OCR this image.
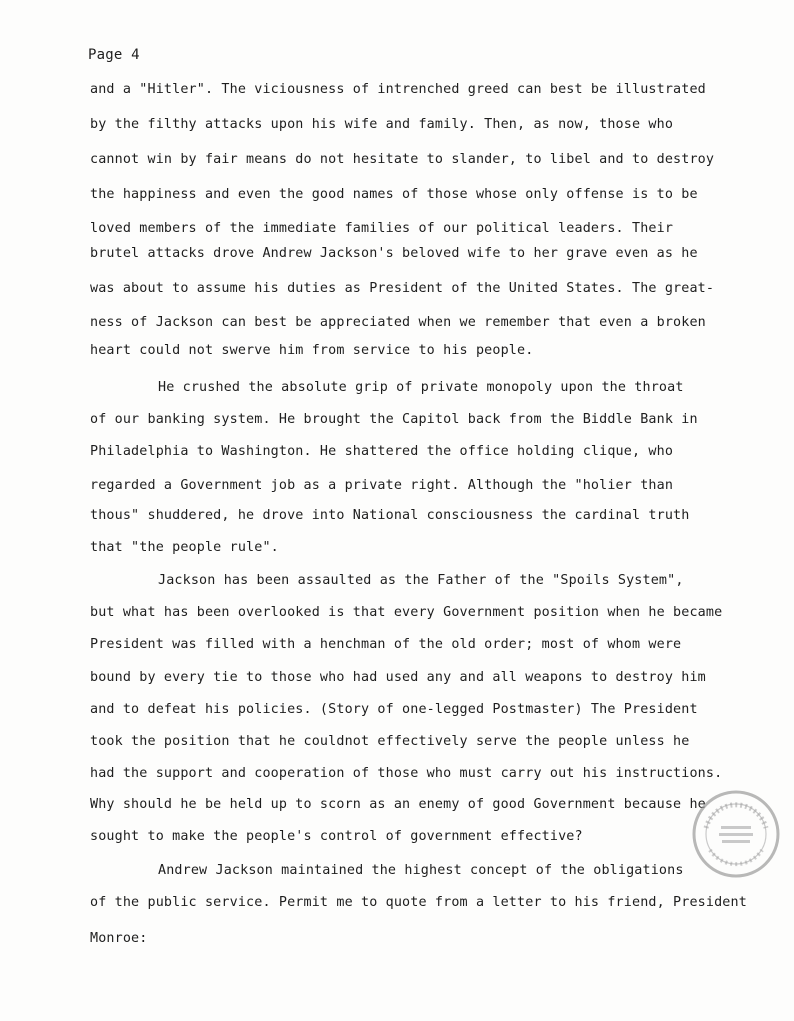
Page 4
and a "Hitler". The viciousness of intrenched greed can best be illustrated
by the filthy attacks upon his wife and family. Then, as now, those who
cannot win by fair means do not hesitate to slander, to libel and to destroy
the happiness and even the good names of those whose only offense is to be
loved members of the immediate families of our political leaders. Their
brutel attacks drove Andrew Jackson's beloved wife to her grave even as he
was about to assume his duties as President of the United States. The great-
ness of Jackson can best be appreciated when we remember that even a broken
heart could not swerve him from service to his people.
He crushed the absolute grip of private monopoly upon the throat
of our banking system. He brought the Capitol back from the Biddle Bank in
Philadelphia to Washington. He shattered the office holding clique, who
regarded a Government job as a private right. Although the "holier than
thous" shuddered, he drove into National consciousness the cardinal truth
that "the people rule".
Jackson has been assaulted as the Father of the "Spoils System",
but what has been overlooked is that every Government position when he became
President was filled with a henchman of the old order; most of whom were
bound by every tie to those who had used any and all weapons to destroy him
and to defeat his policies. (Story of one-legged Postmaster) The President
took the position that he couldnot effectively serve the people unless he
had the support and cooperation of those who must carry out his instructions.
Why should he be held up to scorn as an enemy of good Government because he
sought to make the people's control of government effective?
Andrew Jackson maintained the highest concept of the obligations
of the public service. Permit me to quote from a letter to his friend, President
Monroe:
